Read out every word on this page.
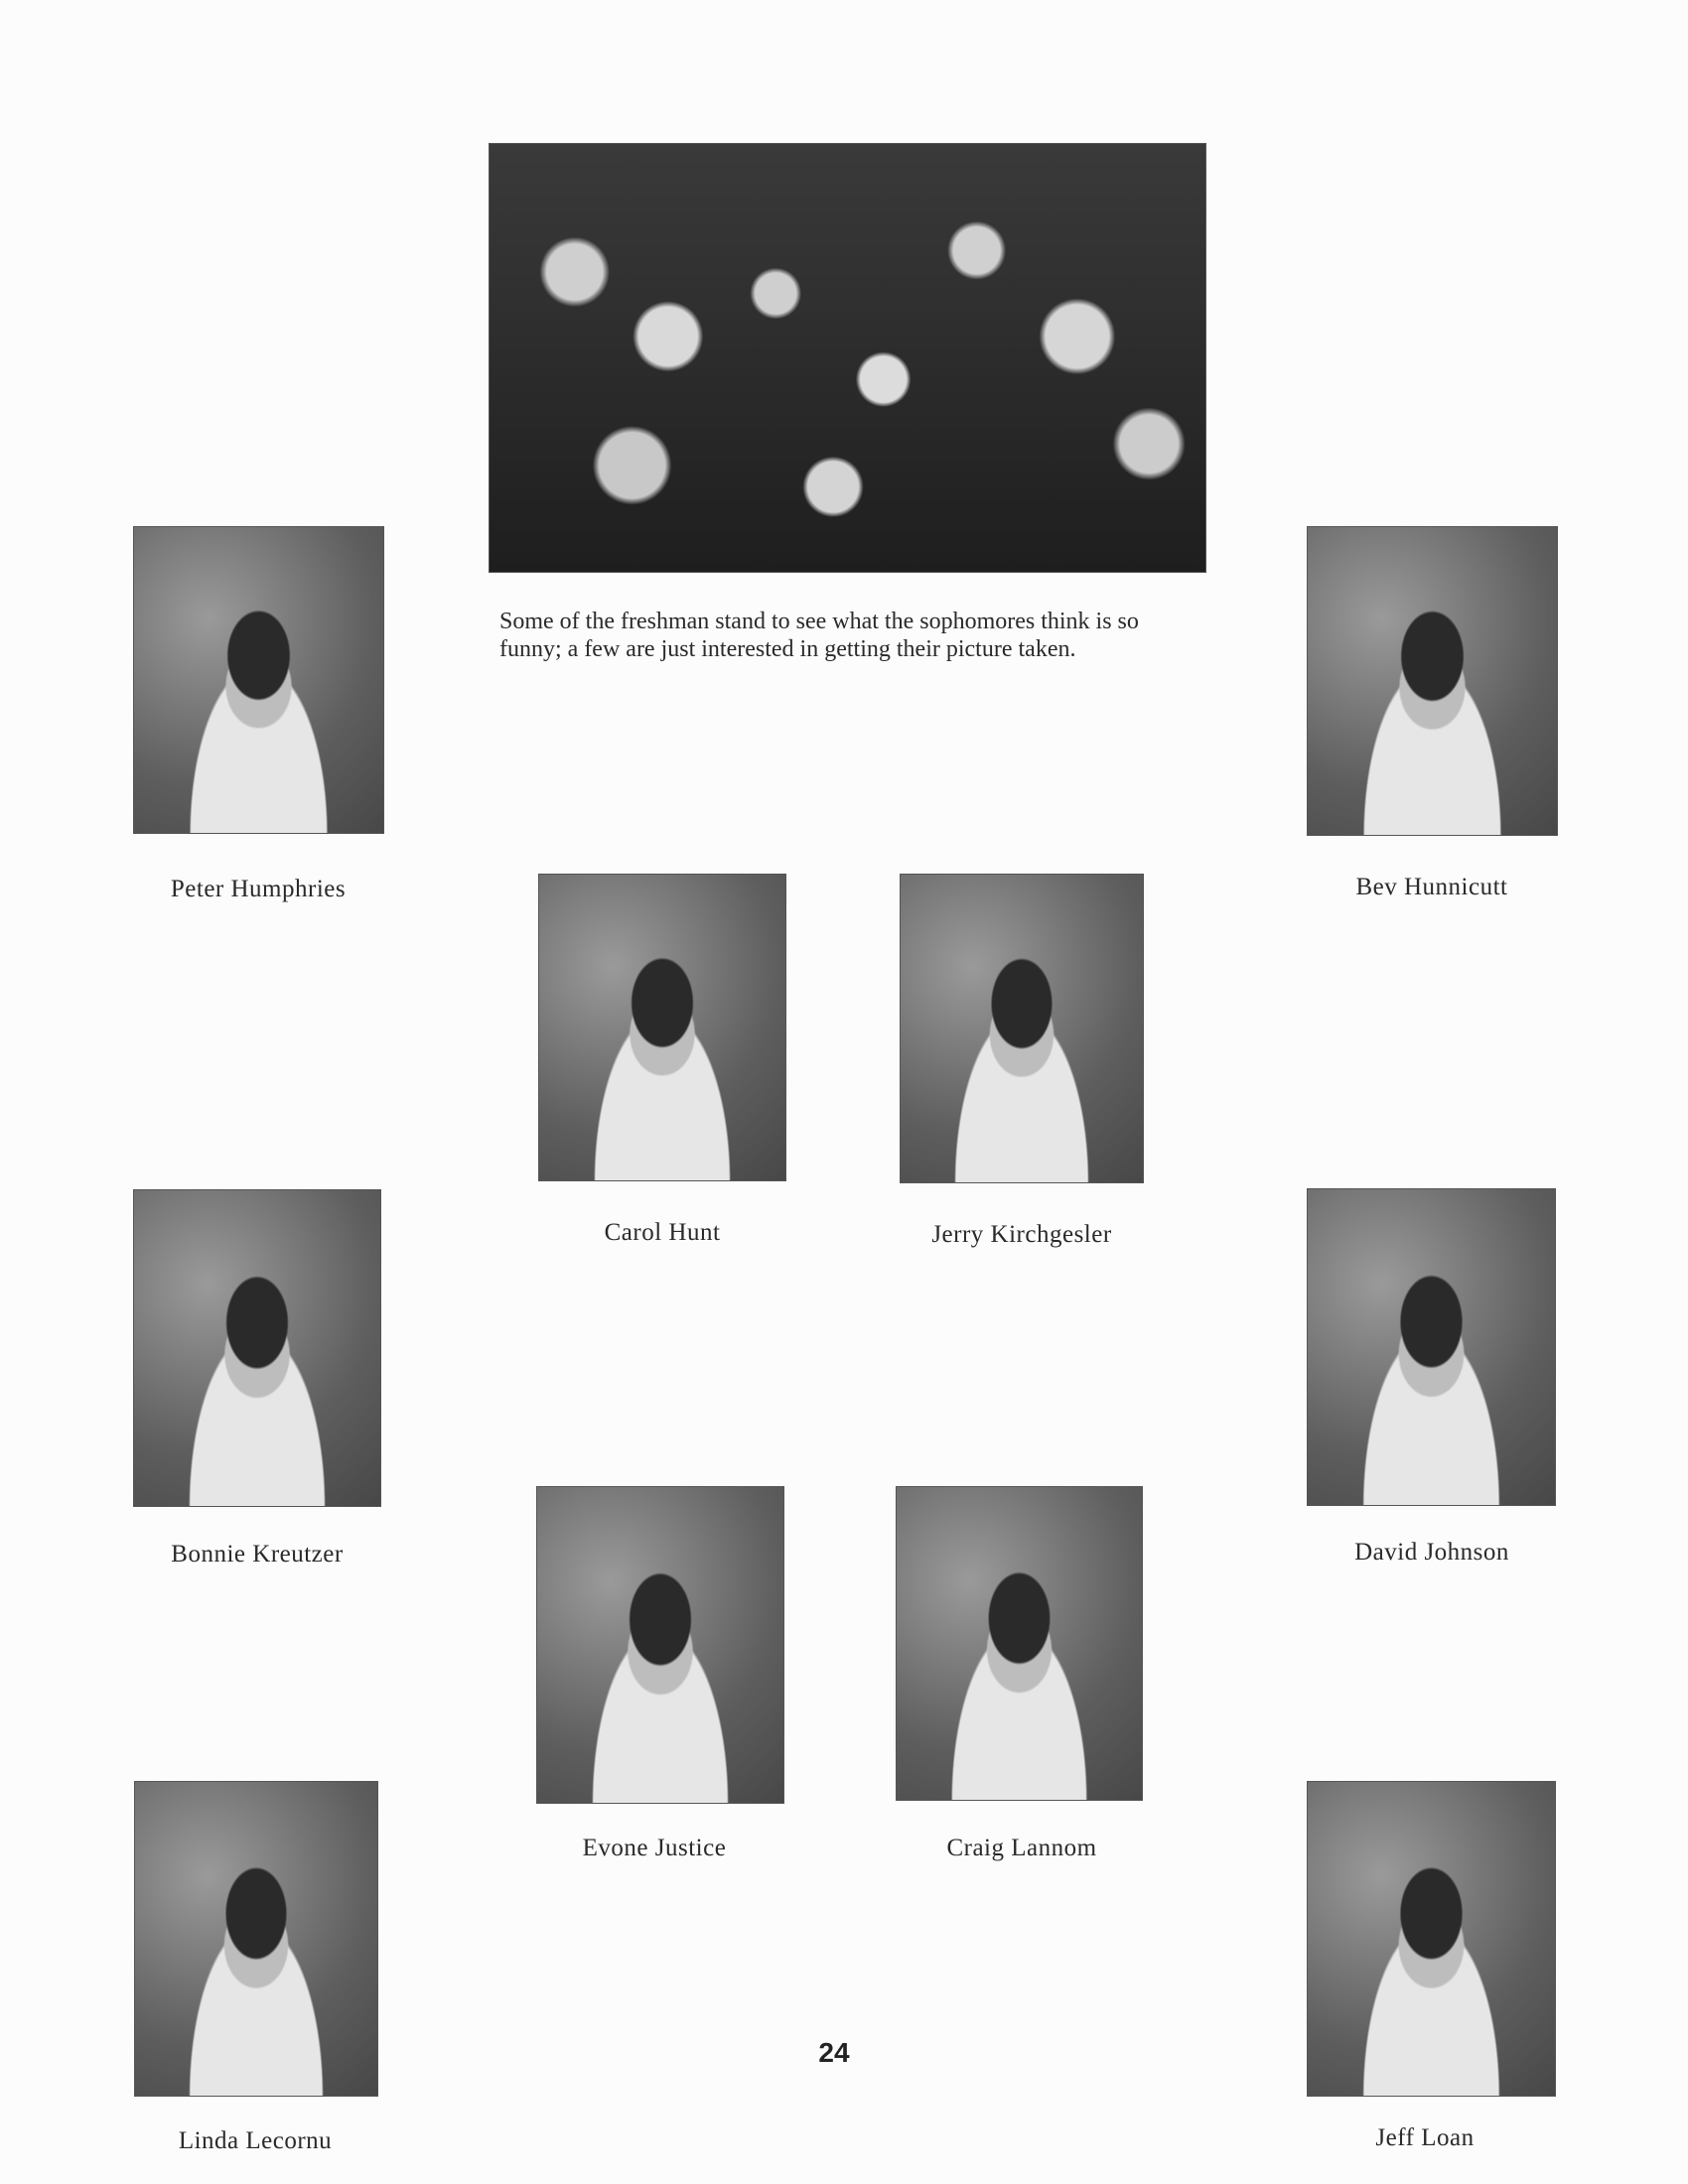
Some of the freshman stand to see what the sophomores think is so funny; a few are just interested in getting their picture taken.
Peter Humphries	Bev Hunnicutt
Carol Hunt	Jerry Kirchgesler
Bonnie Kreutzer	David Johnson
Evone Justice	Craig Lannom
Linda Lecornu	Jeff Loan
24
